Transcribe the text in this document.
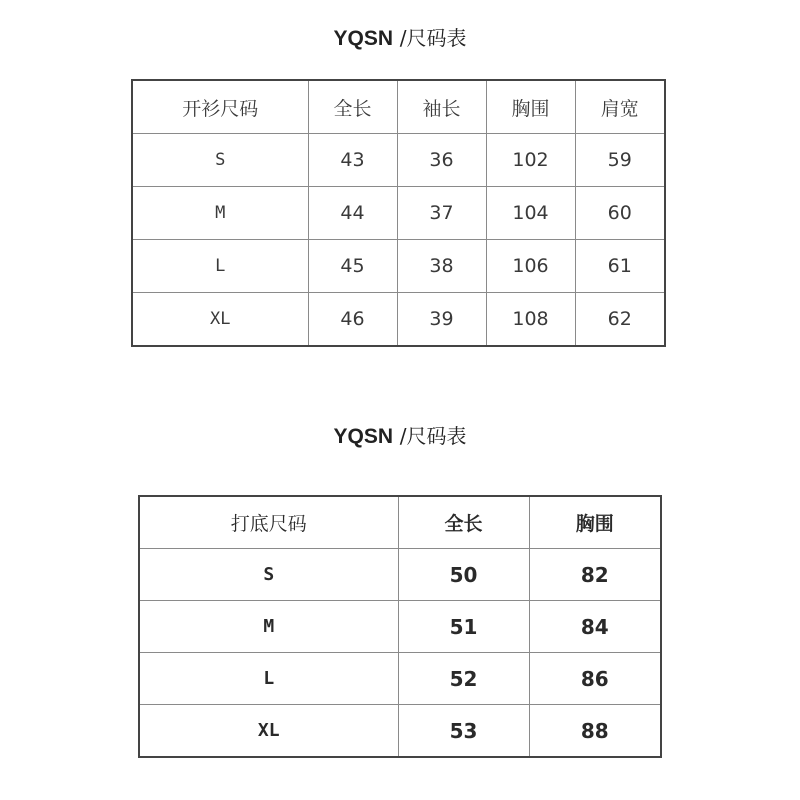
YQSN /尺码表
开衫尺码	全长	袖长	胸围	肩宽
S	43	36	102	59
M	44	37	104	60
L	45	38	106	61
XL	46	39	108	62
YQSN /尺码表
打底尺码	全长	胸围
S	50	82
M	51	84
L	52	86
XL	53	88
